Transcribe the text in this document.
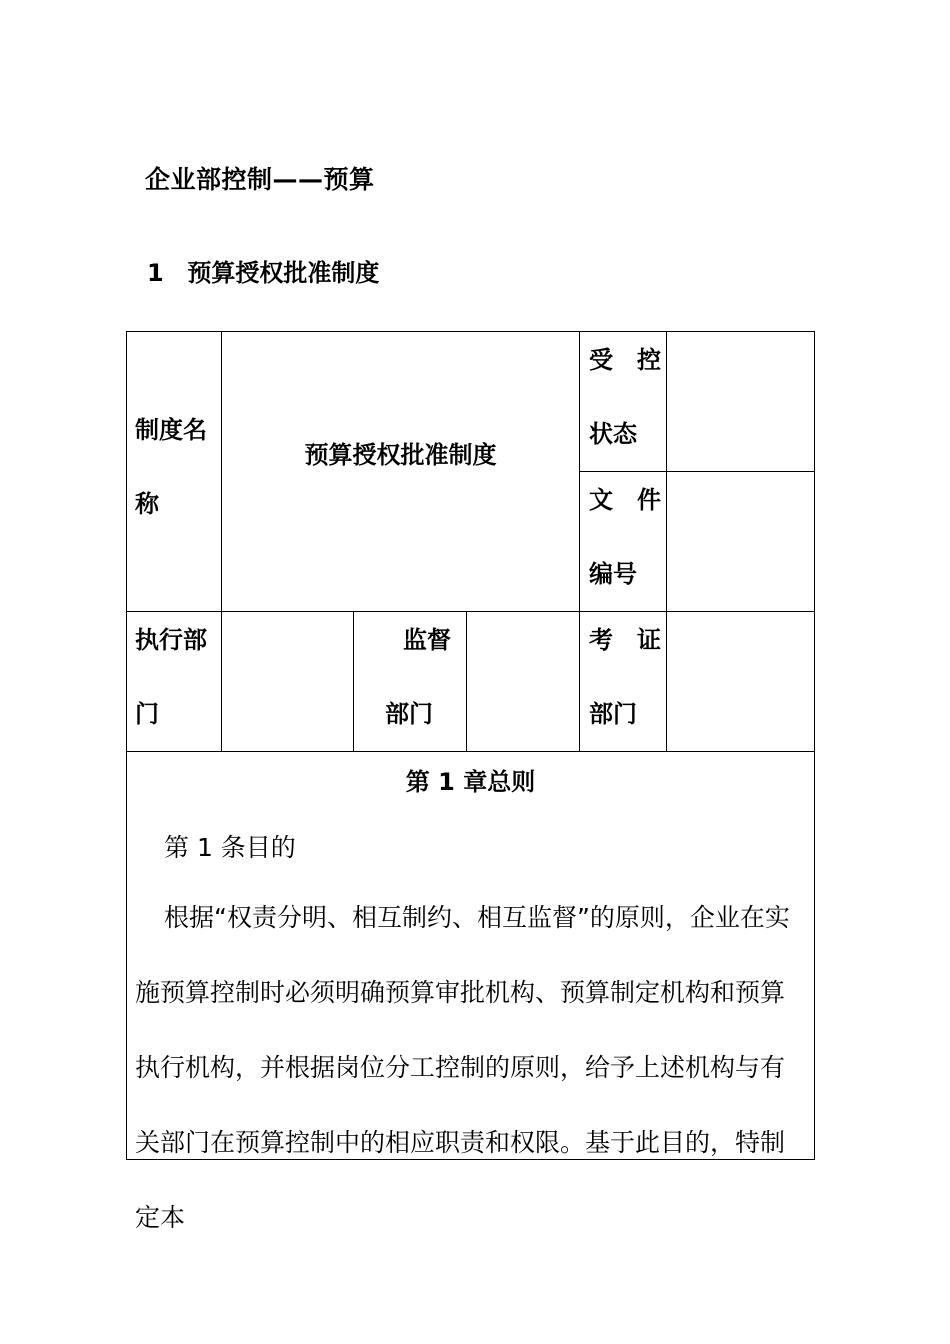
企业部控制——预算
1 预算授权批准制度
制度名
称
预算授权批准制度
受　控
状态
文　件
编号
执行部
门
监督
部门
考　证
部门
第 1 章总则
第 1 条目的
根据“权责分明、相互制约、相互监督”的原则，企业在实施预算控制时必须明确预算审批机构、预算制定机构和预算执行机构，并根据岗位分工控制的原则，给予上述机构与有关部门在预算控制中的相应职责和权限。基于此目的，特制定本
